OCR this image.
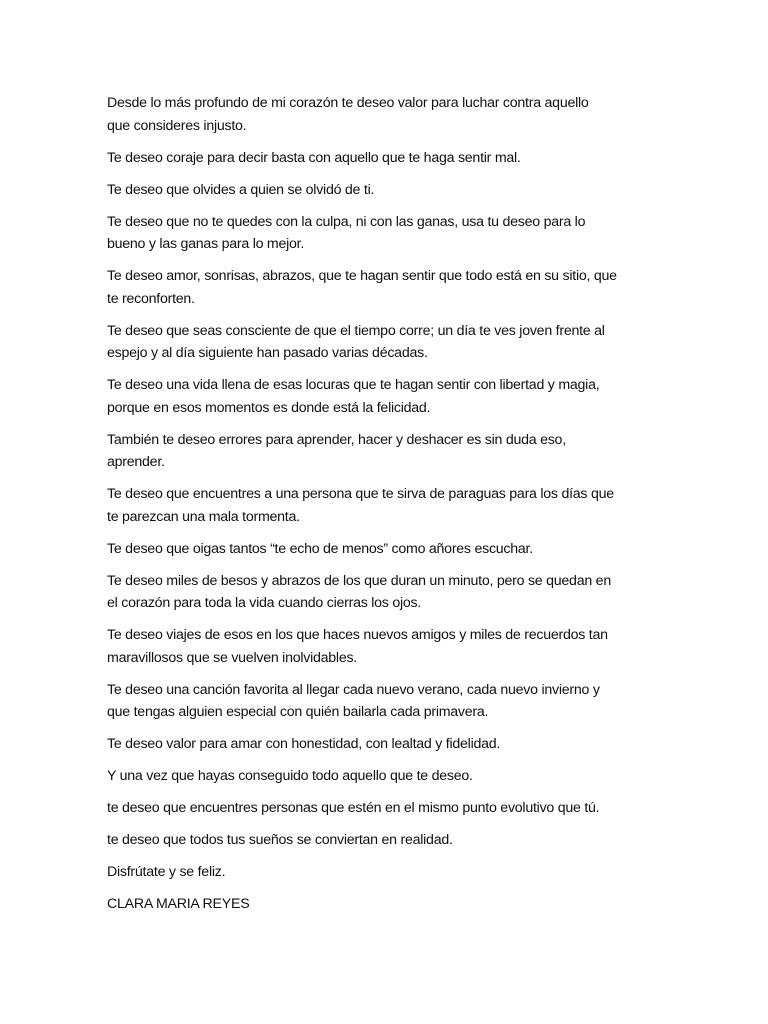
Desde lo más profundo de mi corazón te deseo valor para luchar contra aquello
que consideres injusto.

Te deseo coraje para decir basta con aquello que te haga sentir mal.

Te deseo que olvides a quien se olvidó de ti.

Te deseo que no te quedes con la culpa, ni con las ganas, usa tu deseo para lo
bueno y las ganas para lo mejor.

Te deseo amor, sonrisas, abrazos, que te hagan sentir que todo está en su sitio, que
te reconforten.

Te deseo que seas consciente de que el tiempo corre; un día te ves joven frente al
espejo y al día siguiente han pasado varias décadas.

Te deseo una vida llena de esas locuras que te hagan sentir con libertad y magia,
porque en esos momentos es donde está la felicidad.

También te deseo errores para aprender, hacer y deshacer es sin duda eso,
aprender.

Te deseo que encuentres a una persona que te sirva de paraguas para los días que
te parezcan una mala tormenta.

Te deseo que oigas tantos “te echo de menos” como añores escuchar.

Te deseo miles de besos y abrazos de los que duran un minuto, pero se quedan en
el corazón para toda la vida cuando cierras los ojos.

Te deseo viajes de esos en los que haces nuevos amigos y miles de recuerdos tan
maravillosos que se vuelven inolvidables.

Te deseo una canción favorita al llegar cada nuevo verano, cada nuevo invierno y
que tengas alguien especial con quién bailarla cada primavera.

Te deseo valor para amar con honestidad, con lealtad y fidelidad.

Y una vez que hayas conseguido todo aquello que te deseo.

te deseo que encuentres personas que estén en el mismo punto evolutivo que tú.

te deseo que todos tus sueños se conviertan en realidad.

Disfrútate y se feliz.

CLARA MARIA REYES
